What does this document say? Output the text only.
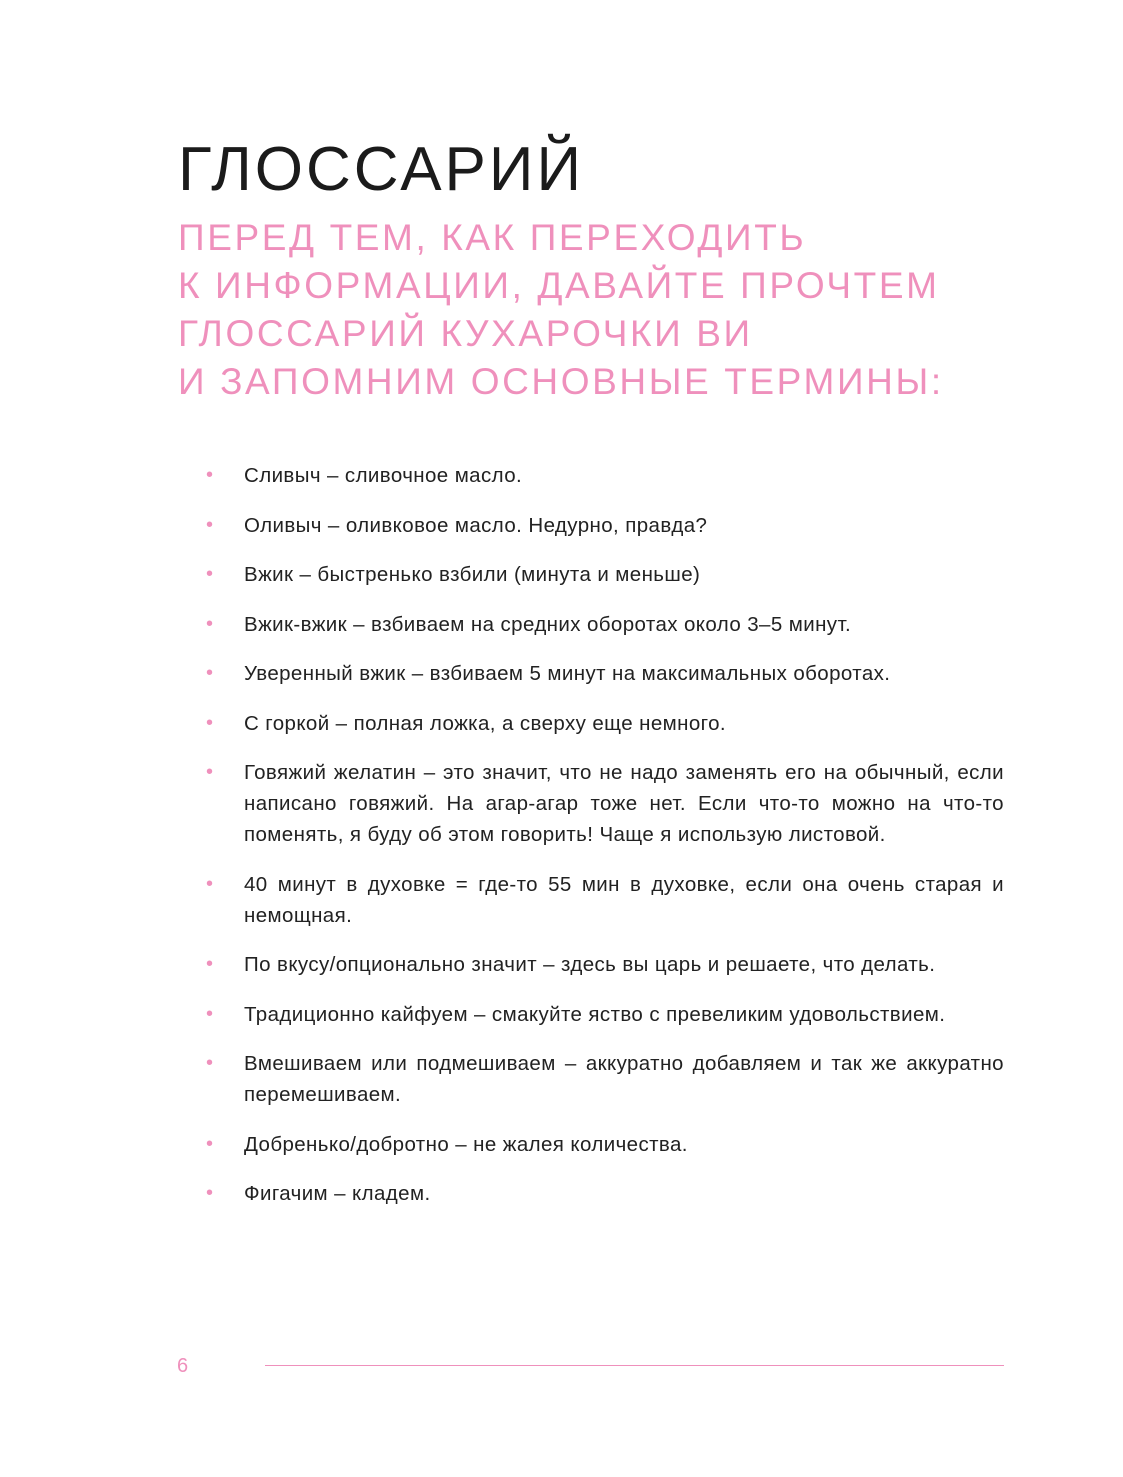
ГЛОССАРИЙ
ПЕРЕД ТЕМ, КАК ПЕРЕХОДИТЬ
К ИНФОРМАЦИИ, ДАВАЙТЕ ПРОЧТЕМ
ГЛОССАРИЙ КУХАРОЧКИ ВИ
И ЗАПОМНИМ ОСНОВНЫЕ ТЕРМИНЫ:
• Сливыч – сливочное масло.
• Оливыч – оливковое масло. Недурно, правда?
• Вжик – быстренько взбили (минута и меньше)
• Вжик-вжик – взбиваем на средних оборотах около 3–5 минут.
• Уверенный вжик – взбиваем 5 минут на максимальных оборотах.
• С горкой – полная ложка, а сверху еще немного.
• Говяжий желатин – это значит, что не надо заменять его на обычный, если написано говяжий. На агар-агар тоже нет. Если что-то можно на что-то поменять, я буду об этом говорить! Чаще я использую листовой.
• 40 минут в духовке = где-то 55 мин в духовке, если она очень старая и немощная.
• По вкусу/опционально значит – здесь вы царь и решаете, что делать.
• Традиционно кайфуем – смакуйте яство с превеликим удовольствием.
• Вмешиваем или подмешиваем – аккуратно добавляем и так же аккуратно перемешиваем.
• Добренько/добротно – не жалея количества.
• Фигачим – кладем.
6
